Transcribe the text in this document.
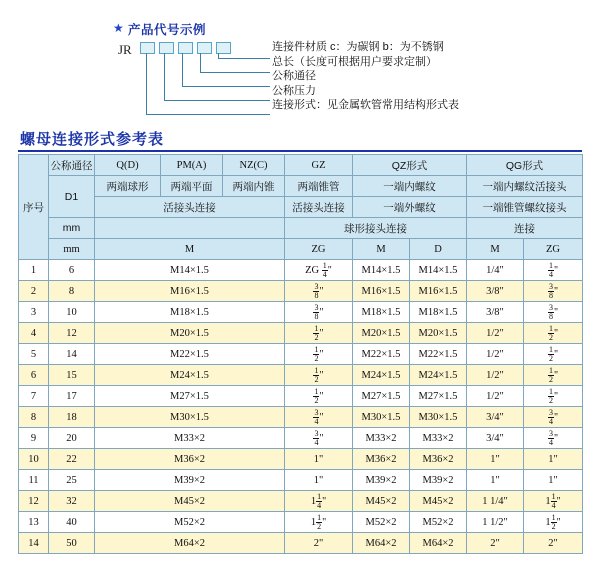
★ 产品代号示例
JR	连接件材质 c：为碳钢 b：为不锈钢
总长（长度可根据用户要求定制）
公称通径
公称压力
连接形式：见金属软管常用结构形式表
螺母连接形式参考表
序号	公称通径	Q(D)	PM(A)	NZ(C)	GZ	QZ形式		QG形式	
	D1	两端球形	两端平面	两端内锥	两端锥管	一端内螺纹		一端内螺纹活接头	
		活接头连接			活接头连接	一端外螺纹		一端锥管螺纹接头	
	mm				球形接头连接			连接	
	mm	M			ZG	M	D	M	ZG
1	6	M14×1.5			ZG $\frac{1}{4}$ "	M14×1.5	M14×1.5	1/4"	$\frac{1}{4}$ "
2	8	M16×1.5			$\frac{3}{8}$ "	M16×1.5	M16×1.5	3/8"	$\frac{3}{8}$ "
3	10	M18×1.5			$\frac{3}{8}$ "	M18×1.5	M18×1.5	3/8"	$\frac{3}{8}$ "
4	12	M20×1.5			$\frac{1}{2}$ "	M20×1.5	M20×1.5	1/2"	$\frac{1}{2}$ "
5	14	M22×1.5			$\frac{1}{2}$ "	M22×1.5	M22×1.5	1/2"	$\frac{1}{2}$ "
6	15	M24×1.5			$\frac{1}{2}$ "	M24×1.5	M24×1.5	1/2"	$\frac{1}{2}$ "
7	17	M27×1.5			$\frac{1}{2}$ "	M27×1.5	M27×1.5	1/2"	$\frac{1}{2}$ "
8	18	M30×1.5			$\frac{3}{4}$ "	M30×1.5	M30×1.5	3/4"	$\frac{3}{4}$ "
9	20	M33×2			$\frac{3}{4}$ "	M33×2	M33×2	3/4"	$\frac{3}{4}$ "
10	22	M36×2			1"	M36×2	M36×2	1"	1"
11	25	M39×2			1"	M39×2	M39×2	1"	1"
12	32	M45×2			$1 \frac{1}{4}$ "	M45×2	M45×2	1 1/4"	$1 \frac{1}{4}$ "
13	40	M52×2			$1 \frac{1}{2}$ "	M52×2	M52×2	1 1/2"	$1 \frac{1}{2}$ "
14	50	M64×2			2"	M64×2	M64×2	2"	2"
